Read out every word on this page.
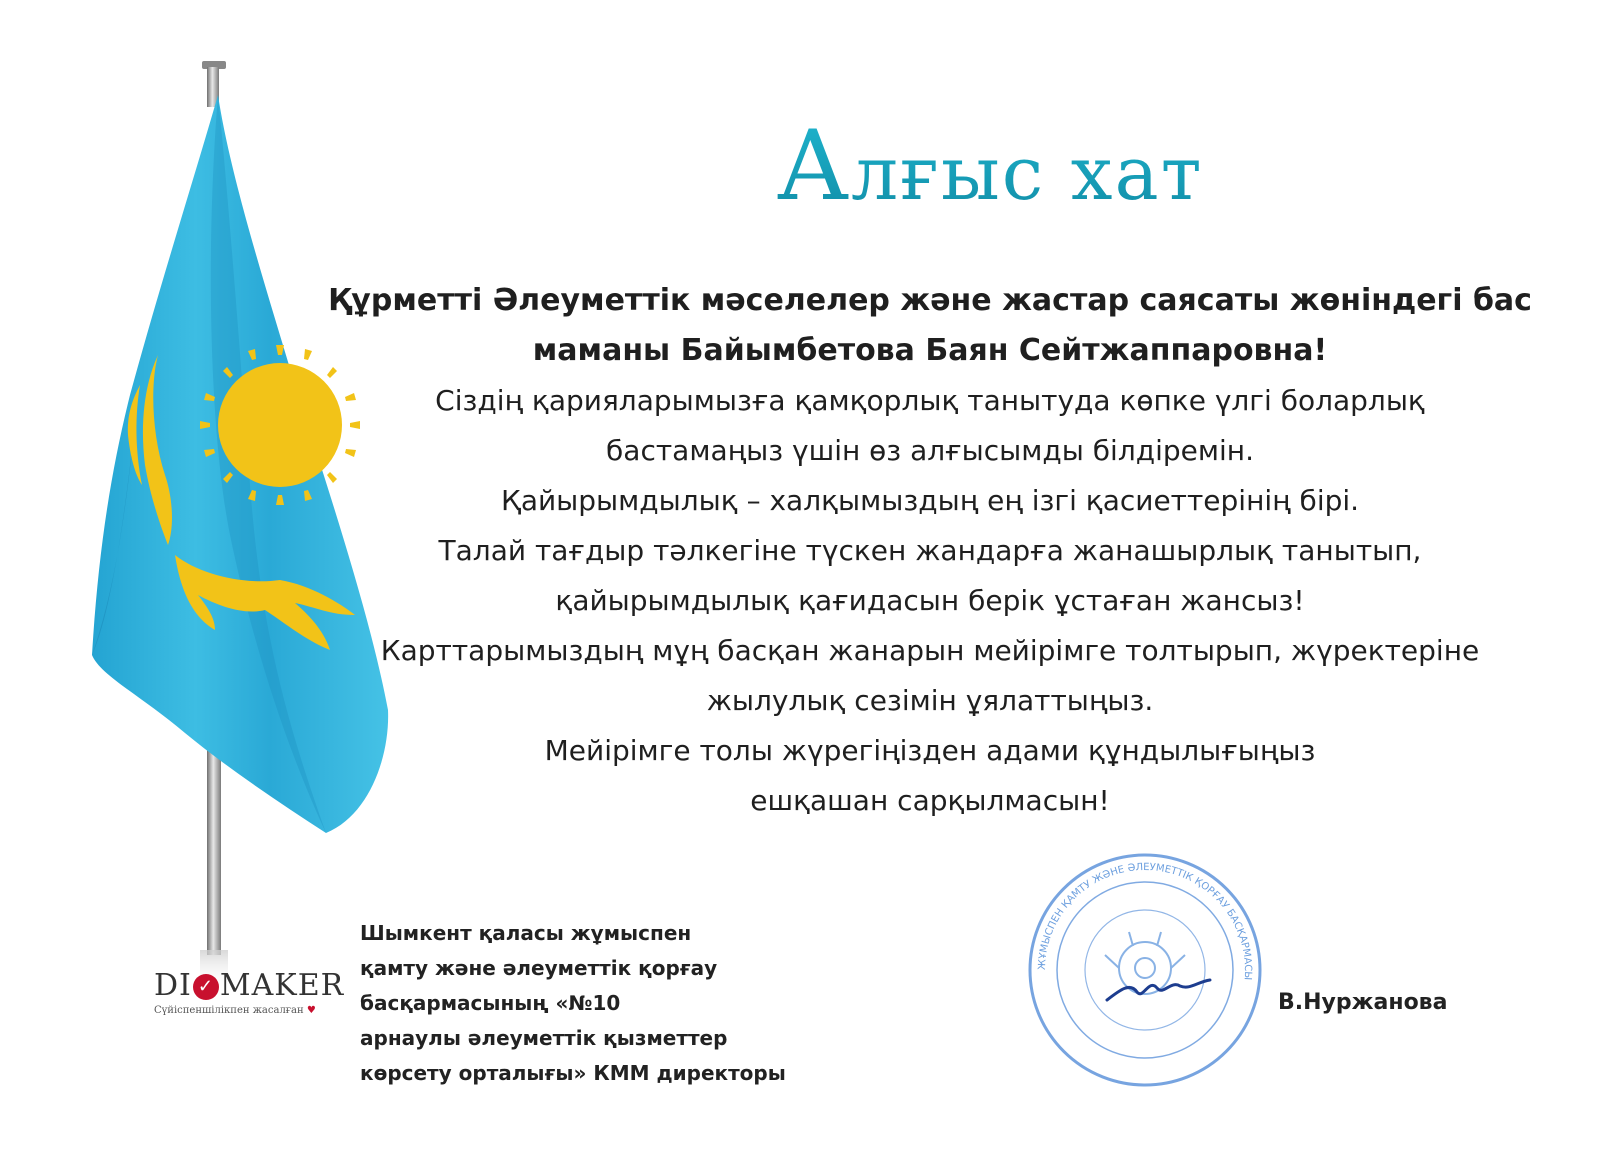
Алғыс хат
Құрметті Әлеуметтік мәселелер және жастар саясаты жөніндегі бас
маманы Байымбетова Баян Сейтжаппаровна!
Сіздің қарияларымызға қамқорлық танытуда көпке үлгі боларлық
бастамаңыз үшін өз алғысымды білдіремін.
Қайырымдылық – халқымыздың ең ізгі қасиеттерінің бірі.
Талай тағдыр тәлкегіне түскен жандарға жанашырлық танытып,
қайырымдылық қағидасын берік ұстаған жансыз!
Карттарымыздың мұң басқан жанарын мейірімге толтырып, жүректеріне
жылулық сезімін ұялаттыңыз.
Мейірімге толы жүрегіңізден адами құндылығыңыз
ешқашан сарқылмасын!
Шымкент қаласы жұмыспен
қамту және әлеуметтік қорғау
басқармасының «№10
арнаулы әлеуметтік қызметтер
көрсету орталығы» КММ директоры
DI ✓ MAKER
Сүйіспеншілікпен жасалған ♥
ЖҰМЫСПЕН ҚАМТУ ЖӘНЕ ӘЛЕУМЕТТІК ҚОРҒАУ БАСҚАРМАСЫ
В.Нуржанова
